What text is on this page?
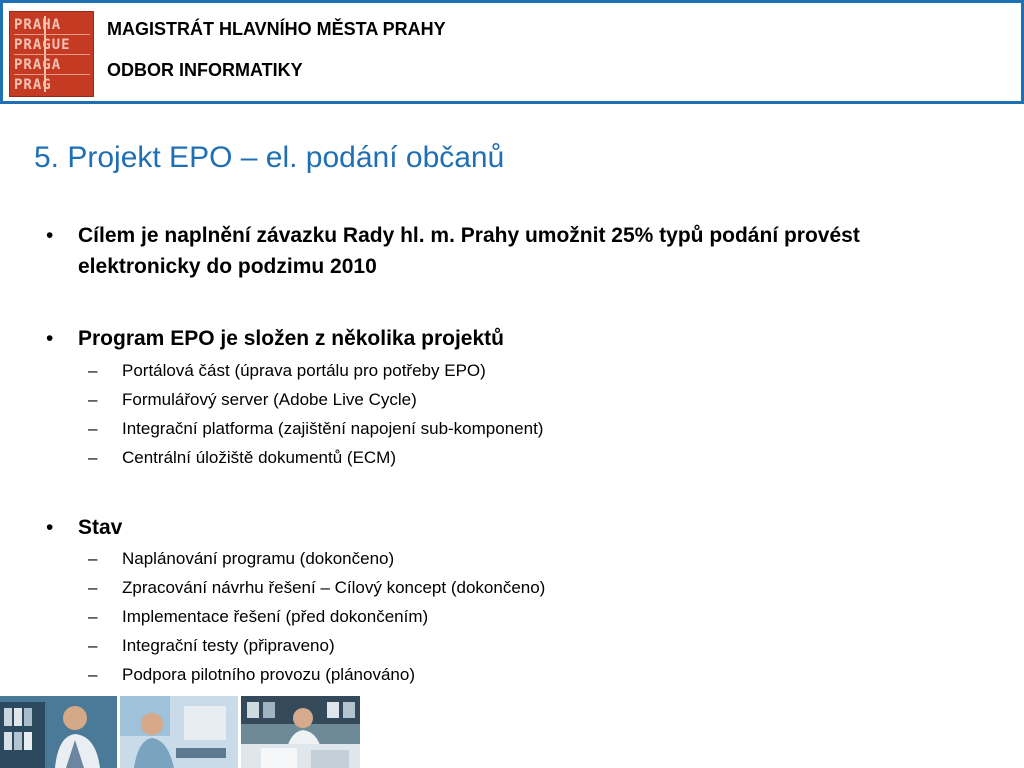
PRAHA
PRAGUE
PRAGA
PRAG
MAGISTRÁT HLAVNÍHO MĚSTA PRAHY
ODBOR INFORMATIKY
5. Projekt EPO – el. podání občanů
• Cílem je naplnění závazku Rady hl. m. Prahy umožnit 25% typů podání provést elektronicky do podzimu 2010
• Program EPO je složen z několika projektů
– Portálová část (úprava portálu pro potřeby EPO)
– Formulářový server (Adobe Live Cycle)
– Integrační platforma (zajištění napojení sub-komponent)
– Centrální úložiště dokumentů (ECM)
• Stav
– Naplánování programu (dokončeno)
– Zpracování návrhu řešení – Cílový koncept (dokončeno)
– Implementace řešení (před dokončením)
– Integrační testy (připraveno)
– Podpora pilotního provozu (plánováno)
